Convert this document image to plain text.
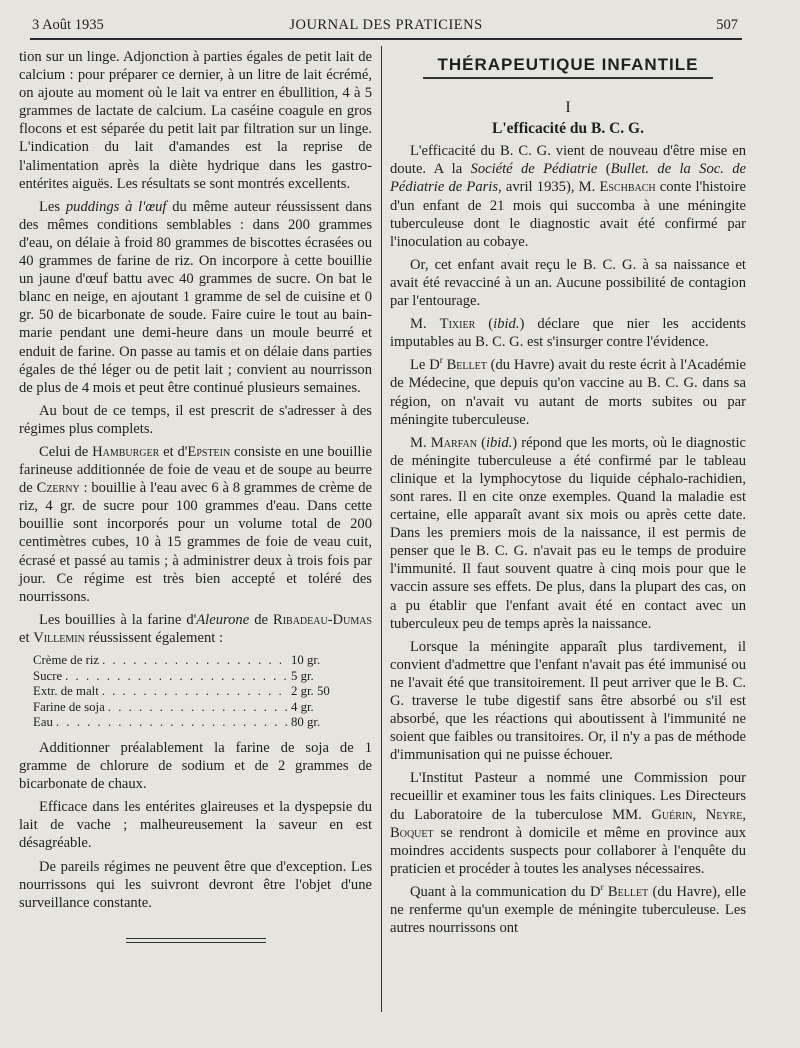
3 Août 1935	JOURNAL DES PRATICIENS	507

tion sur un linge. Adjonction à parties égales de petit lait de calcium : pour préparer ce dernier, à un litre de lait écrémé, on ajoute au moment où le lait va entrer en ébullition, 4 à 5 grammes de lactate de calcium. La caséine coagule en gros flocons et est séparée du petit lait par filtration sur un linge. L'indication du lait d'amandes est la reprise de l'alimentation après la diète hydrique dans les gastro-entérites aiguës. Les résultats se sont montrés excellents.

Les puddings à l'œuf du même auteur réussissent dans des mêmes conditions semblables : dans 200 grammes d'eau, on délaie à froid 80 grammes de biscottes écrasées ou 40 grammes de farine de riz. On incorpore à cette bouillie un jaune d'œuf battu avec 40 grammes de sucre. On bat le blanc en neige, en ajoutant 1 gramme de sel de cuisine et 0 gr. 50 de bicarbonate de soude. Faire cuire le tout au bain-marie pendant une demi-heure dans un moule beurré et enduit de farine. On passe au tamis et on délaie dans parties égales de thé léger ou de petit lait ; convient au nourrisson de plus de 4 mois et peut être continué plusieurs semaines.

Au bout de ce temps, il est prescrit de s'adresser à des régimes plus complets.

Celui de Hamburger et d'Epstein consiste en une bouillie farineuse additionnée de foie de veau et de soupe au beurre de Czerny : bouillie à l'eau avec 6 à 8 grammes de crème de riz, 4 gr. de sucre pour 100 grammes d'eau. Dans cette bouillie sont incorporés pour un volume total de 200 centimètres cubes, 10 à 15 grammes de foie de veau cuit, écrasé et passé au tamis ; à administrer deux à trois fois par jour. Ce régime est très bien accepté et toléré des nourrissons.

Les bouillies à la farine d'Aleurone de Ribadeau-Dumas et Villemin réussissent également :

Crème de riz . . .	10 gr.
Sucre . . .	5 gr.
Extr. de malt . . .	2 gr. 50
Farine de soja . . .	4 gr.
Eau . . .	80 gr.

Additionner préalablement la farine de soja de 1 gramme de chlorure de sodium et de 2 grammes de bicarbonate de chaux.

Efficace dans les entérites glaireuses et la dyspepsie du lait de vache ; malheureusement la saveur en est désagréable.

De pareils régimes ne peuvent être que d'exception. Les nourrissons qui les suivront devront être l'objet d'une surveillance constante.

THÉRAPEUTIQUE INFANTILE
I
L'efficacité du B. C. G.

L'efficacité du B. C. G. vient de nouveau d'être mise en doute. A la Société de Pédiatrie (Bullet. de la Soc. de Pédiatrie de Paris, avril 1935), M. Eschbach conte l'histoire d'un enfant de 21 mois qui succomba à une méningite tuberculeuse dont le diagnostic avait été confirmé par l'inoculation au cobaye.

Or, cet enfant avait reçu le B. C. G. à sa naissance et avait été revacciné à un an. Aucune possibilité de contagion par l'entourage.

M. Tixier (ibid.) déclare que nier les accidents imputables au B. C. G. est s'insurger contre l'évidence.

Le $D^r$ Bellet (du Havre) avait du reste écrit à l'Académie de Médecine, que depuis qu'on vaccine au B. C. G. dans sa région, on n'avait vu autant de morts subites ou par méningite tuberculeuse.

M. Marfan (ibid.) répond que les morts, où le diagnostic de méningite tuberculeuse a été confirmé par le tableau clinique et la lymphocytose du liquide céphalo-rachidien, sont rares. Il en cite onze exemples. Quand la maladie est certaine, elle apparaît avant six mois ou après cette date. Dans les premiers mois de la naissance, il est permis de penser que le B. C. G. n'avait pas eu le temps de produire l'immunité. Il faut souvent quatre à cinq mois pour que le vaccin assure ses effets. De plus, dans la plupart des cas, on a pu établir que l'enfant avait été en contact avec un tuberculeux peu de temps après la naissance.

Lorsque la méningite apparaît plus tardivement, il convient d'admettre que l'enfant n'avait pas été immunisé ou ne l'avait été que transitoirement. Il peut arriver que le B. C. G. traverse le tube digestif sans être absorbé ou s'il est absorbé, que les réactions qui aboutissent à l'immunité ne soient que faibles ou transitoires. Or, il n'y a pas de méthode d'immunisation qui ne puisse échouer.

L'Institut Pasteur a nommé une Commission pour recueillir et examiner tous les faits cliniques. Les Directeurs du Laboratoire de la tuberculose MM. Guérin, Neyre, Boquet se rendront à domicile et même en province aux moindres accidents suspects pour collaborer à l'enquête du praticien et procéder à toutes les analyses nécessaires.

Quant à la communication du $D^r$ Bellet (du Havre), elle ne renferme qu'un exemple de méningite tuberculeuse. Les autres nourrissons ont
